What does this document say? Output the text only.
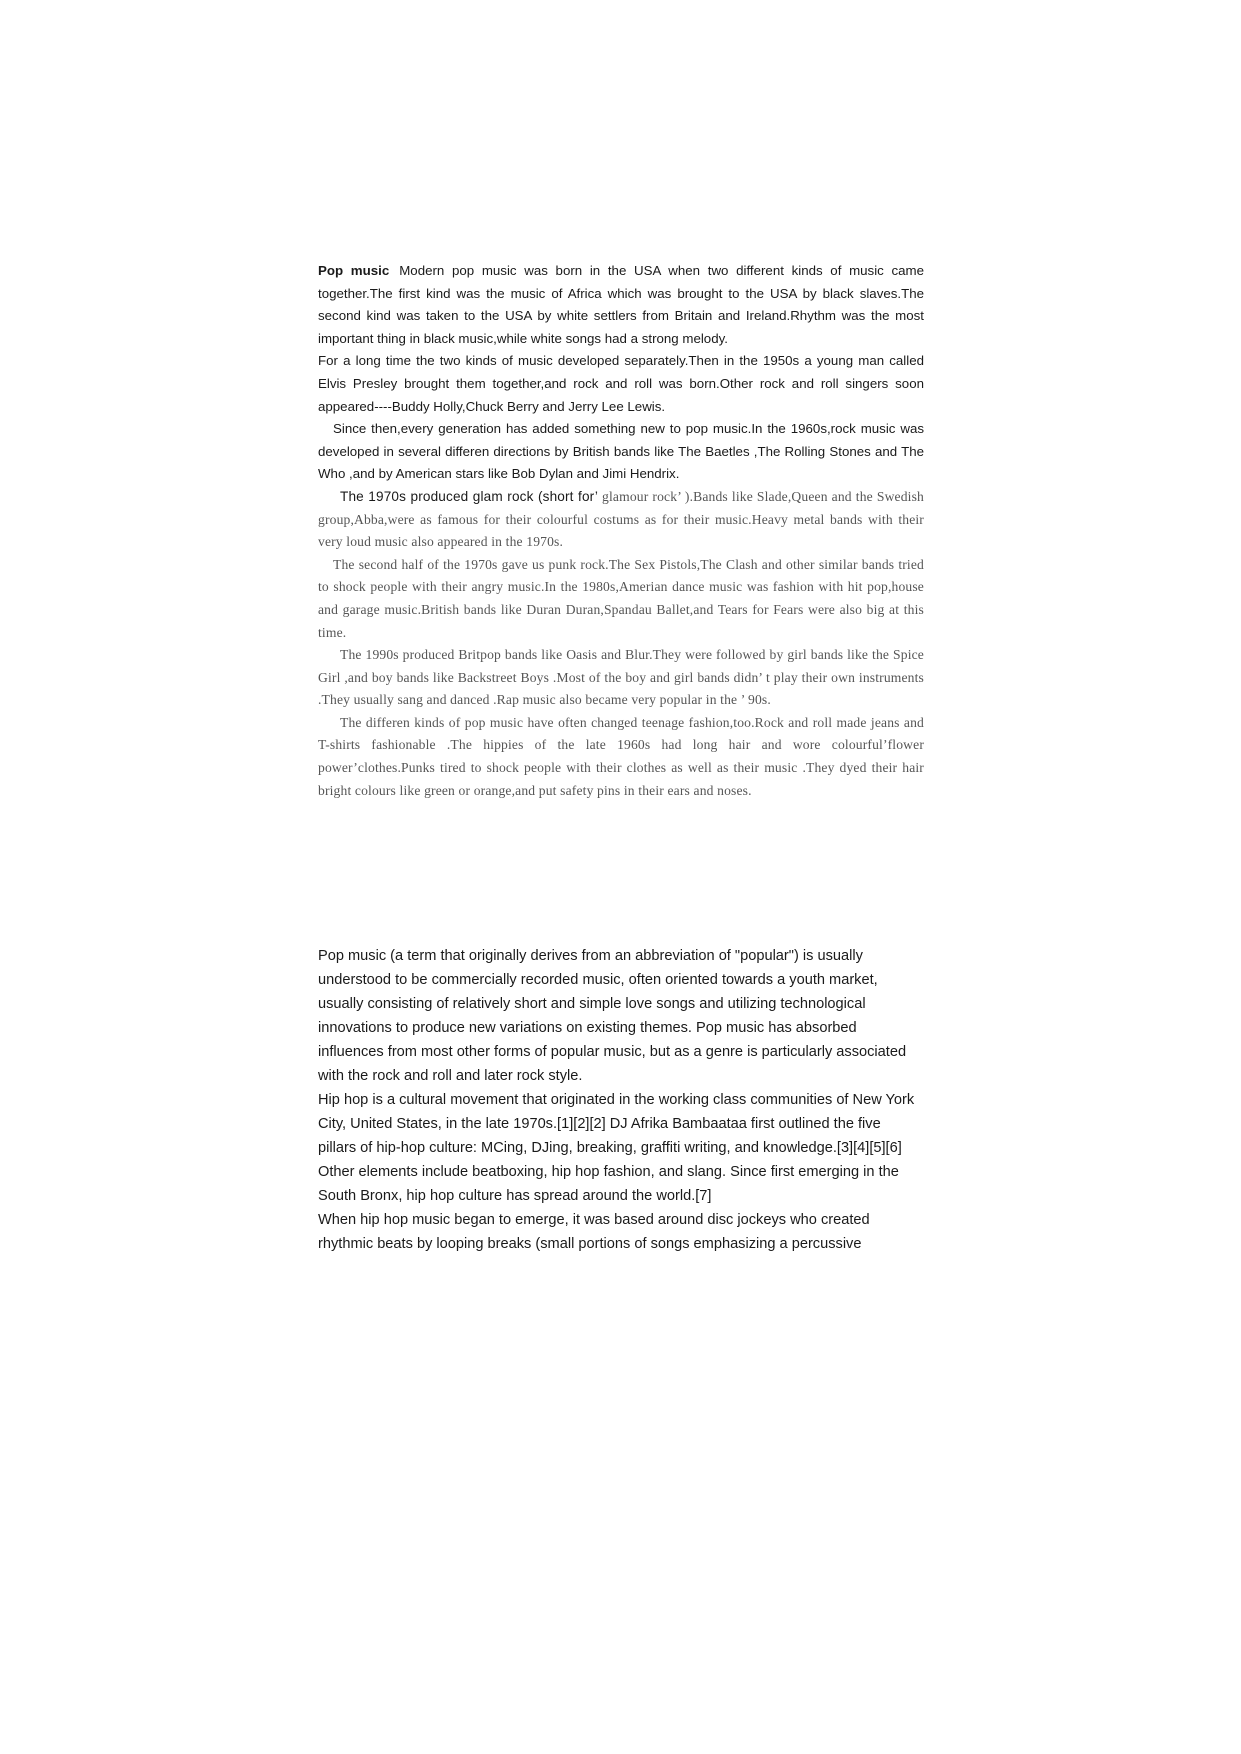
Pop music Modern pop music was born in the USA when two different kinds of music came together.The first kind was the music of Africa which was brought to the USA by black slaves.The second kind was taken to the USA by white settlers from Britain and Ireland.Rhythm was the most important thing in black music,while white songs had a strong melody.

For a long time the two kinds of music developed separately.Then in the 1950s a young man called Elvis Presley brought them together,and rock and roll was born.Other rock and roll singers soon appeared----Buddy Holly,Chuck Berry and Jerry Lee Lewis.

Since then,every generation has added something new to pop music.In the 1960s,rock music was developed in several differen directions by British bands like The Baetles ,The Rolling Stones and The Who ,and by American stars like Bob Dylan and Jimi Hendrix.

The 1970s produced glam rock (short for’ glamour rock’ ).Bands like Slade,Queen and the Swedish group,Abba,were as famous for their colourful costums as for their music.Heavy metal bands with their very loud music also appeared in the 1970s.

The second half of the 1970s gave us punk rock.The Sex Pistols,The Clash and other similar bands tried to shock people with their angry music.In the 1980s,Amerian dance music was fashion with hit pop,house and garage music.British bands like Duran Duran,Spandau Ballet,and Tears for Fears were also big at this time.

The 1990s produced Britpop bands like Oasis and Blur.They were followed by girl bands like the Spice Girl ,and boy bands like Backstreet Boys .Most of the boy and girl bands didn’ t play their own instruments .They usually sang and danced .Rap music also became very popular in the ’ 90s.

The differen kinds of pop music have often changed teenage fashion,too.Rock and roll made jeans and T-shirts fashionable .The hippies of the late 1960s had long hair and wore colourful’flower power’clothes.Punks tired to shock people with their clothes as well as their music .They dyed their hair bright colours like green or orange,and put safety pins in their ears and noses.

Pop music (a term that originally derives from an abbreviation of "popular") is usually understood to be commercially recorded music, often oriented towards a youth market, usually consisting of relatively short and simple love songs and utilizing technological innovations to produce new variations on existing themes. Pop music has absorbed influences from most other forms of popular music, but as a genre is particularly associated with the rock and roll and later rock style.

Hip hop is a cultural movement that originated in the working class communities of New York City, United States, in the late 1970s.[1][2][2] DJ Afrika Bambaataa first outlined the five pillars of hip-hop culture: MCing, DJing, breaking, graffiti writing, and knowledge.[3][4][5][6] Other elements include beatboxing, hip hop fashion, and slang. Since first emerging in the South Bronx, hip hop culture has spread around the world.[7]

When hip hop music began to emerge, it was based around disc jockeys who created rhythmic beats by looping breaks (small portions of songs emphasizing a percussive
